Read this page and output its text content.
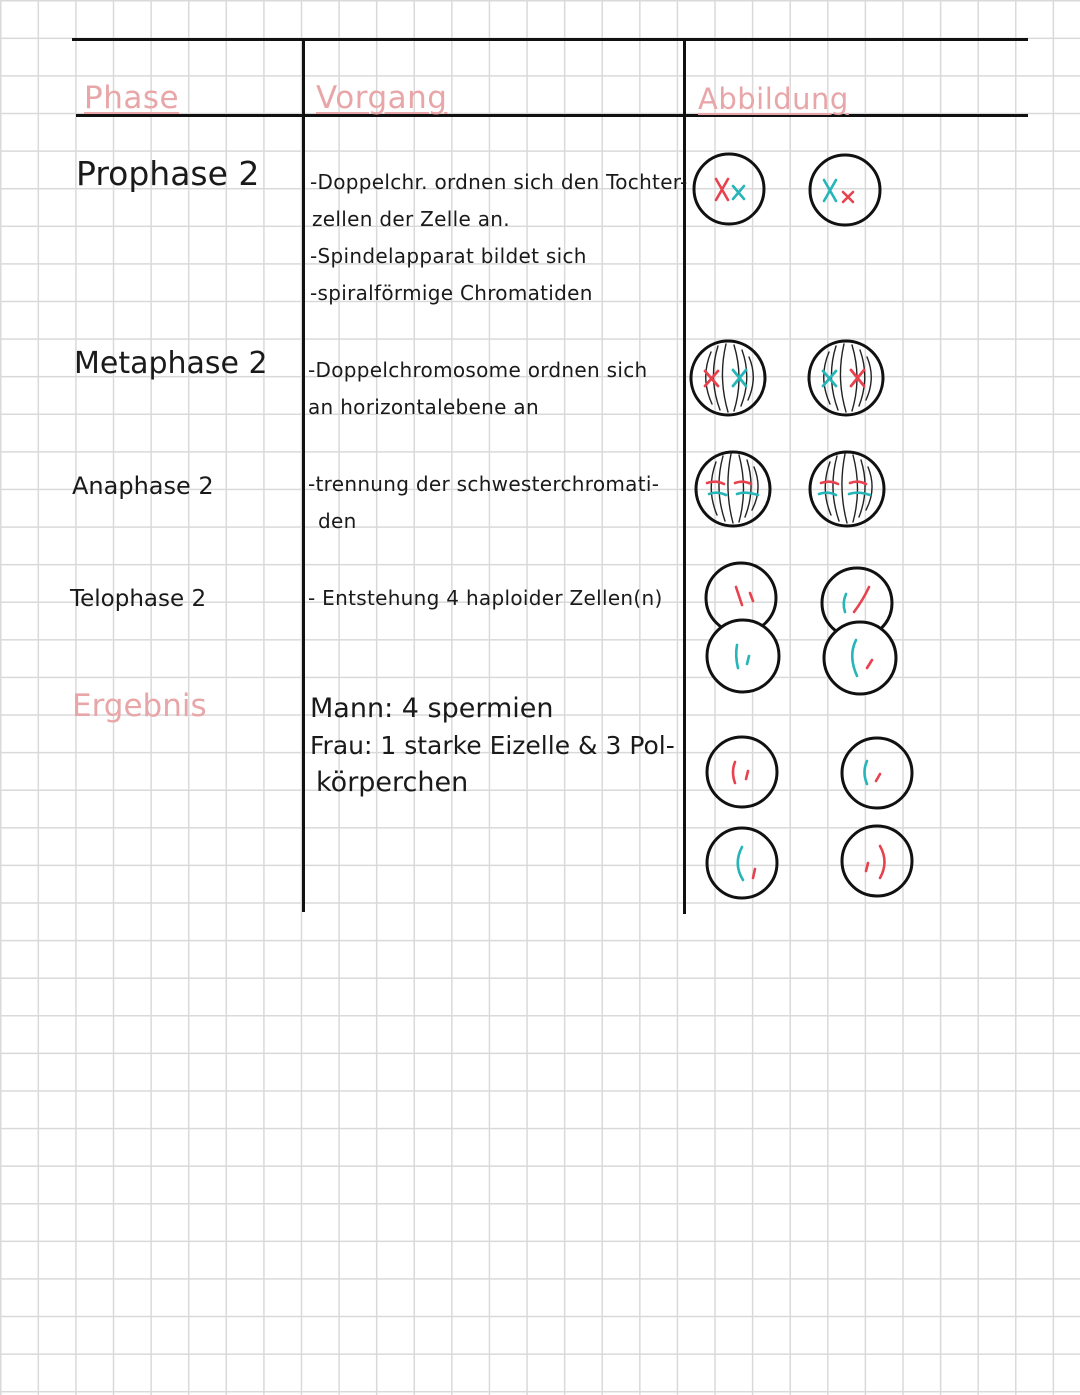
Phase	Vorgang	Abbildung
Prophase 2
Metaphase 2
Anaphase 2
Telophase 2
Ergebnis
-Doppelchr. ordnen sich den Tochter-
zellen der Zelle an.
-Spindelapparat bildet sich
-spiralförmige Chromatiden
-Doppelchromosome ordnen sich
an horizontalebene an
-trennung der schwesterchromati-
den
- Entstehung 4 haploider Zellen(n)
Mann: 4 spermien
Frau: 1 starke Eizelle & 3 Pol-
körperchen
